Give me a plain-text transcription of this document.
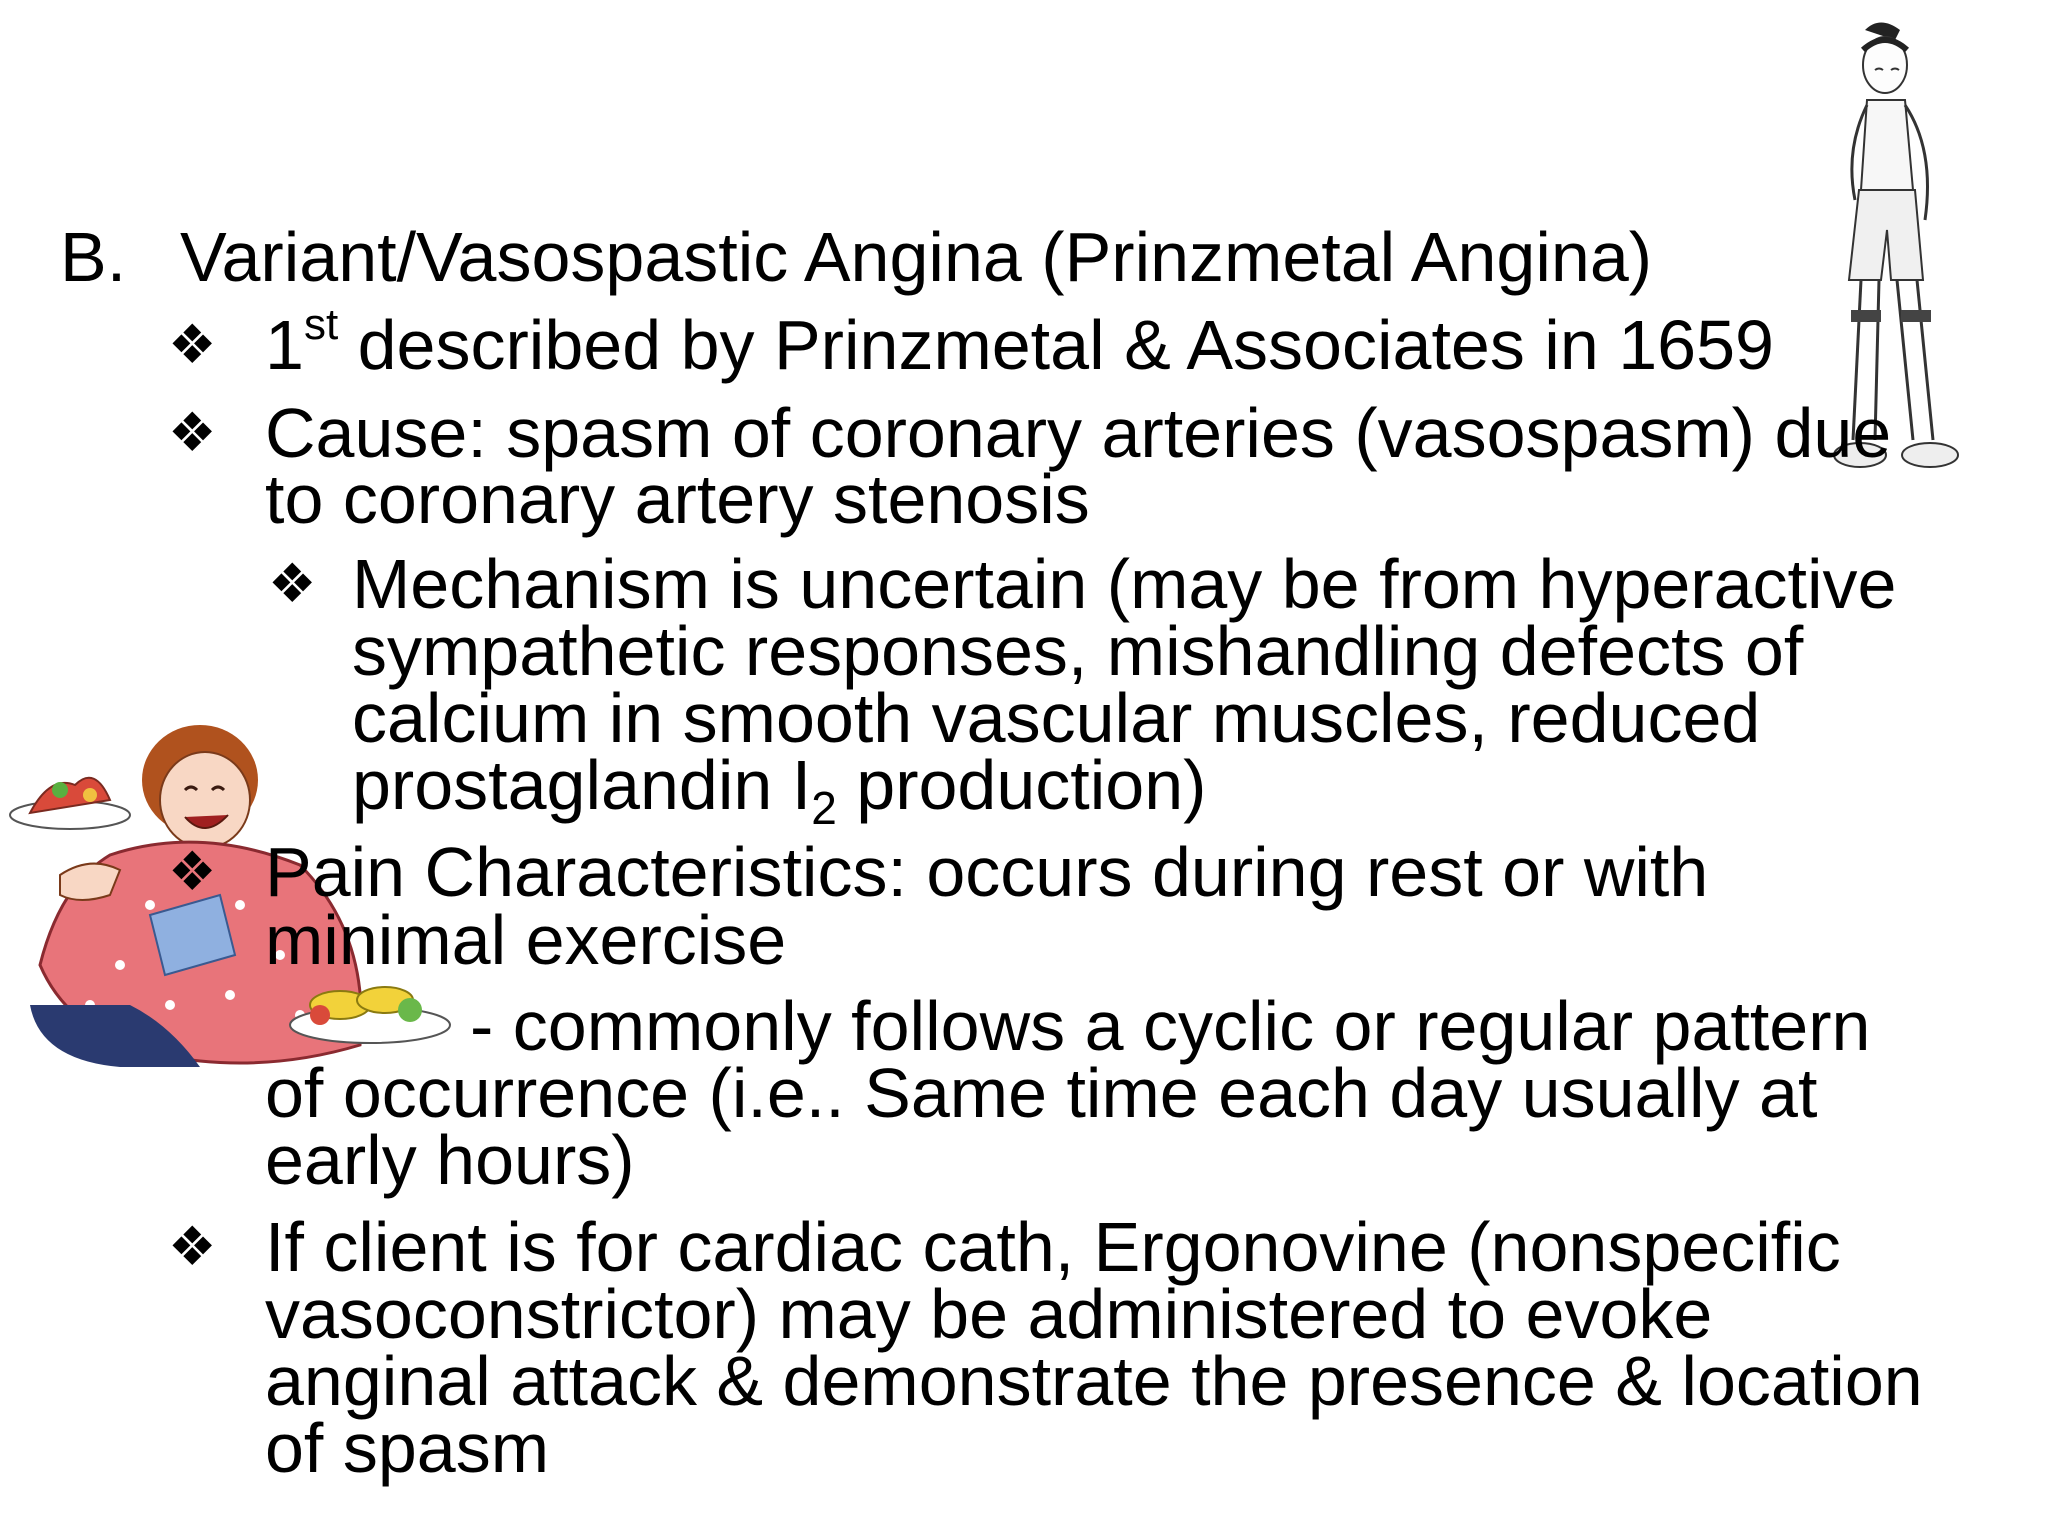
B. Variant/Vasospastic Angina (Prinzmetal Angina)
❖ 1st described by Prinzmetal & Associates in 1659
❖ Cause: spasm of coronary arteries (vasospasm) due
to coronary artery stenosis
❖ Mechanism is uncertain (may be from hyperactive
sympathetic responses, mishandling defects of
calcium in smooth vascular muscles, reduced
prostaglandin $I_2$ production)
❖ Pain Characteristics: occurs during rest or with
minimal exercise
- commonly follows a cyclic or regular pattern
of occurrence (i.e.. Same time each day usually at
early hours)
❖ If client is for cardiac cath, Ergonovine (nonspecific
vasoconstrictor) may be administered to evoke
anginal attack & demonstrate the presence & location
of spasm
